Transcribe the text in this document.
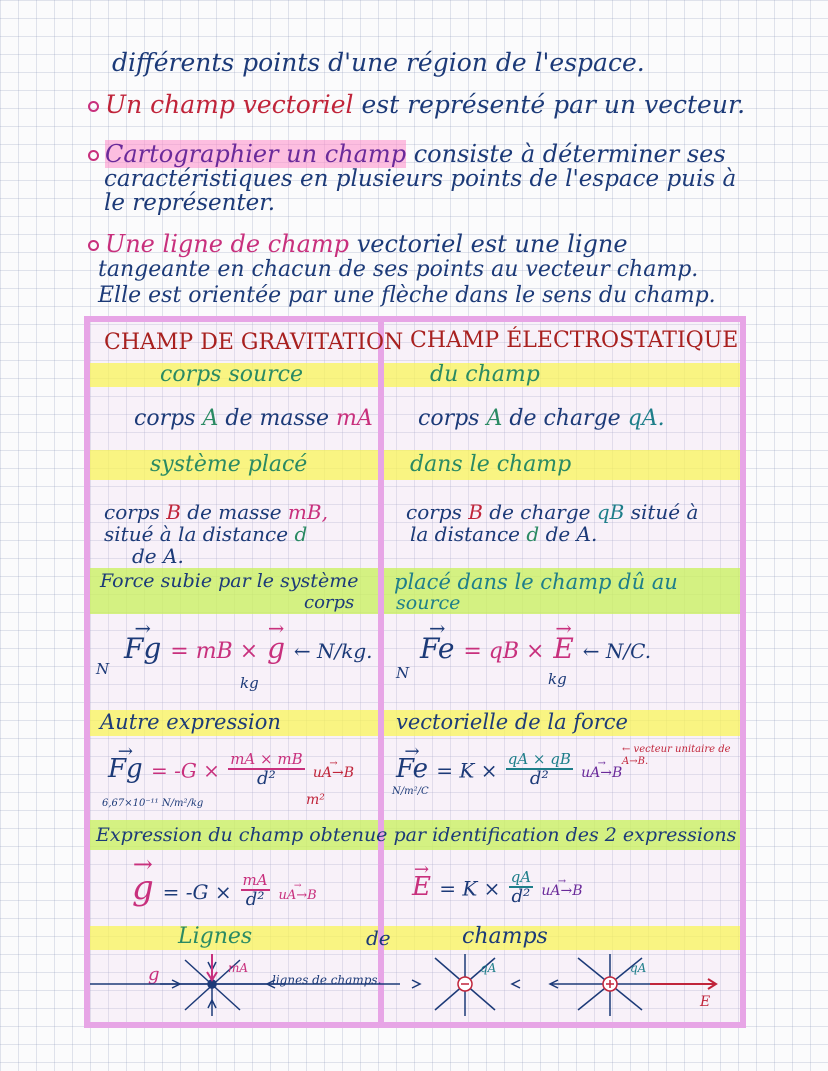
différents points d'une région de l'espace.
Un champ vectoriel est représenté par un vecteur.
Cartographier un champ consiste à déterminer ses
caractéristiques en plusieurs points de l'espace puis à
le représenter.
Une ligne de champ vectoriel est une ligne
tangeante en chacun de ses points au vecteur champ.
Elle est orientée par une flèche dans le sens du champ.
CHAMP DE GRAVITATION CHAMP ÉLECTROSTATIQUE
corps source	du champ
corps A de masse mA corps A de charge qA.
système placé	dans le champ
corps B de masse mB,
situé à la distance d
de A.
corps B de charge qB situé à
la distance d de A.
Force subie par le système
corps
placé dans le champ dû au
source
→ Fg = mB × → g ← N/kg.
N
kg
→ Fe = qB × → E ← N/C.
N	kg
Autre expression	vectorielle de la force
→ $Fg = -G \times \frac{mA \times mB}{\text{d²}}$
→ uA→B
6,67×10⁻¹¹ N/m²/kg	m²
→ $Fe = K \times \frac{qA \times qB}{\text{d²}}$
→ uA→B
N/m²/C
← vecteur unitaire de A→B.
Expression du champ obtenue par identification des 2 expressions
→ $g = -G \times \frac{mA}{\text{d²}}$
→ uA→B
→	$E = K \times \frac{qA}{\text{d²}}$
→ uA→B
Lignes	de	champs
g	mA
lignes de champs.
qA	qA
E
